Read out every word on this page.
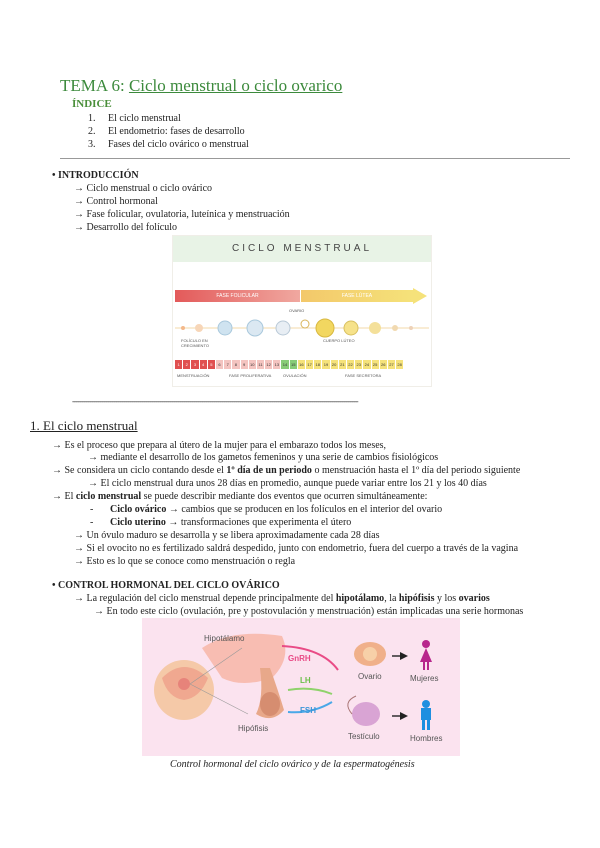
TEMA 6: Ciclo menstrual o ciclo ovarico
ÍNDICE
1. El ciclo menstrual
2. El endometrio: fases de desarrollo
3. Fases del ciclo ovárico o menstrual
• INTRODUCCIÓN
→ Ciclo menstrual o ciclo ovárico
→ Control hormonal
→ Fase folicular, ovulatoria, luteínica y menstruación
→ Desarrollo del folículo
CICLO MENSTRUAL
FASE FOLICULAR	FASE LÚTEA
OVARIO
FOLÍCULO EN CRECIMIENTO
CUERPO LÚTEO
1	2	3	4	5	6	7	8	9	10 11 12 13 14 15 16 17 18 19 20 21 22 23 24 25 26 27 28
MENSTRUACIÓN	FASE PROLIFERATIVA	OVULACIÓN	FASE SECRETORA
-----------------------------------------------------------------------------------------------------------------------------------------------
1. El ciclo menstrual
→ Es el proceso que prepara al útero de la mujer para el embarazo todos los meses,
→ mediante el desarrollo de los gametos femeninos y una serie de cambios fisiológicos
→ Se considera un ciclo contando desde el 1º día de un periodo o menstruación hasta el 1º día del periodo siguiente
→ El ciclo menstrual dura unos 28 días en promedio, aunque puede variar entre los 21 y los 40 días
→ El ciclo menstrual se puede describir mediante dos eventos que ocurren simultáneamente:
- Ciclo ovárico → cambios que se producen en los folículos en el interior del ovario
- Ciclo uterino → transformaciones que experimenta el útero
→ Un óvulo maduro se desarrolla y se libera aproximadamente cada 28 días
→ Si el ovocito no es fertilizado saldrá despedido, junto con endometrio, fuera del cuerpo a través de la vagina
→ Esto es lo que se conoce como menstruación o regla
• CONTROL HORMONAL DEL CICLO OVÁRICO
→ La regulación del ciclo menstrual depende principalmente del hipotálamo, la hipófisis y los ovarios
→ En todo este ciclo (ovulación, pre y postovulación y menstruación) están implicadas una serie hormonas
Hipotálamo
Hipófisis
GnRH
LH
FSH
Ovario	Mujeres
Testículo	Hombres
Control hormonal del ciclo ovárico y de la espermatogénesis
